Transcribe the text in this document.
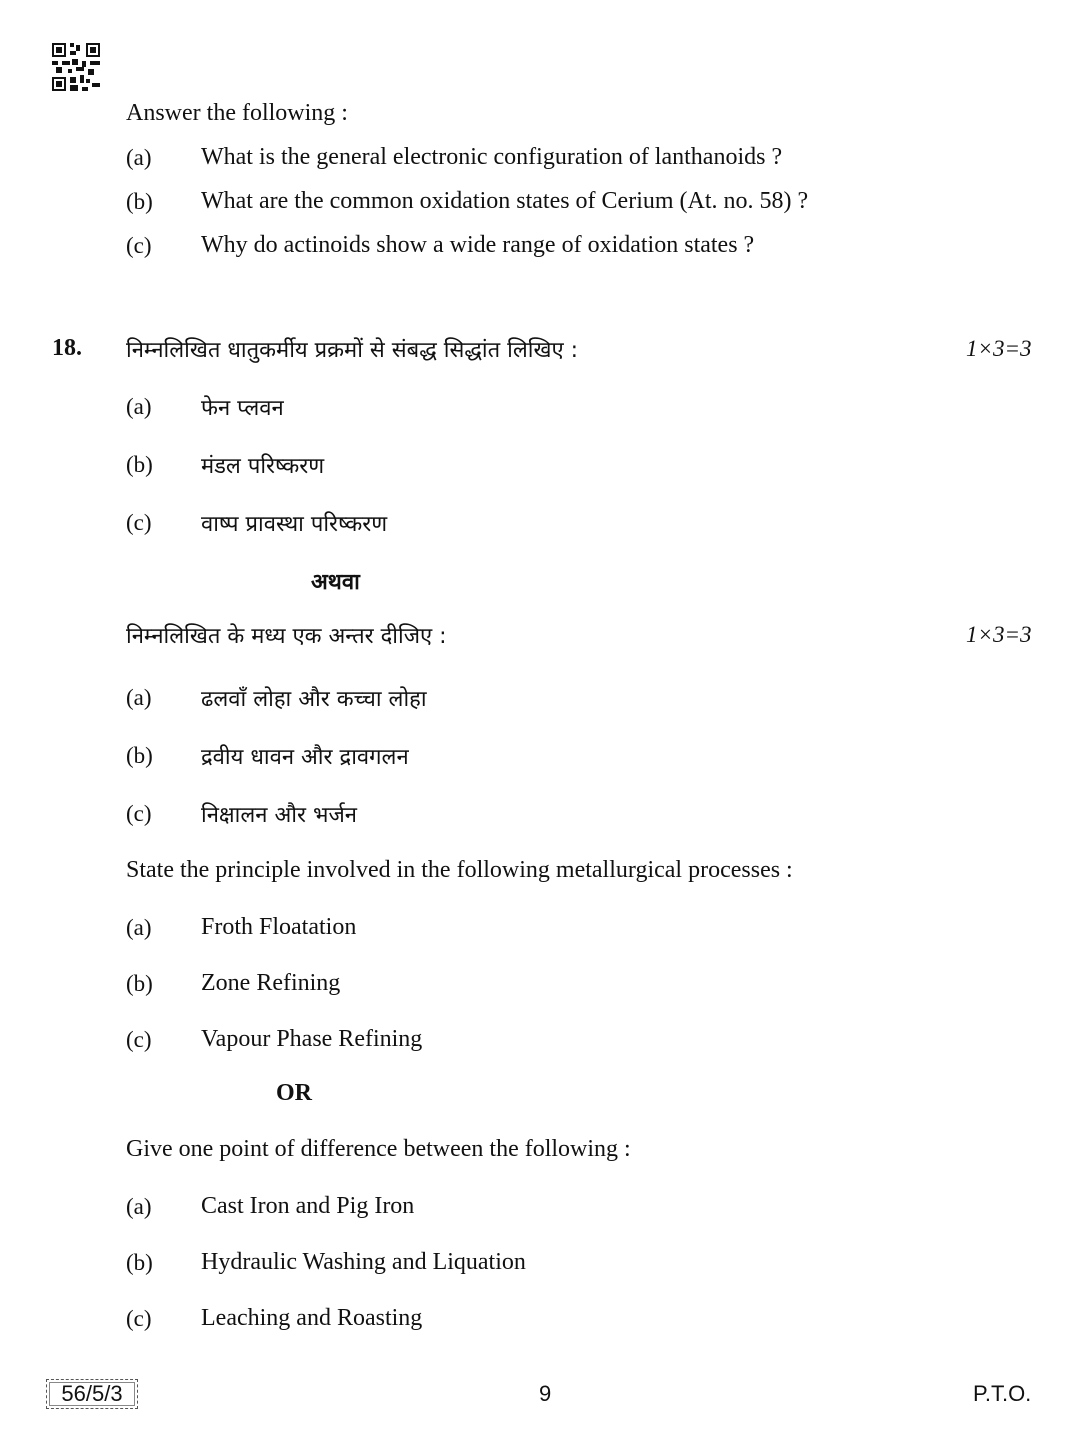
Answer the following :
(a) What is the general electronic configuration of lanthanoids ?
(b) What are the common oxidation states of Cerium (At. no. 58) ?
(c) Why do actinoids show a wide range of oxidation states ?
18. निम्नलिखित धातुकर्मीय प्रक्रमों से संबद्ध सिद्धांत लिखिए :	1×3=3
(a) फेन प्लवन
(b) मंडल परिष्करण
(c) वाष्प प्रावस्था परिष्करण
अथवा
निम्नलिखित के मध्य एक अन्तर दीजिए :	1×3=3
(a) ढलवाँ लोहा और कच्चा लोहा
(b) द्रवीय धावन और द्रावगलन
(c) निक्षालन और भर्जन
State the principle involved in the following metallurgical processes :
(a) Froth Floatation
(b) Zone Refining
(c) Vapour Phase Refining
OR
Give one point of difference between the following :
(a) Cast Iron and Pig Iron
(b) Hydraulic Washing and Liquation
(c) Leaching and Roasting
56/5/3	9	P.T.O.
